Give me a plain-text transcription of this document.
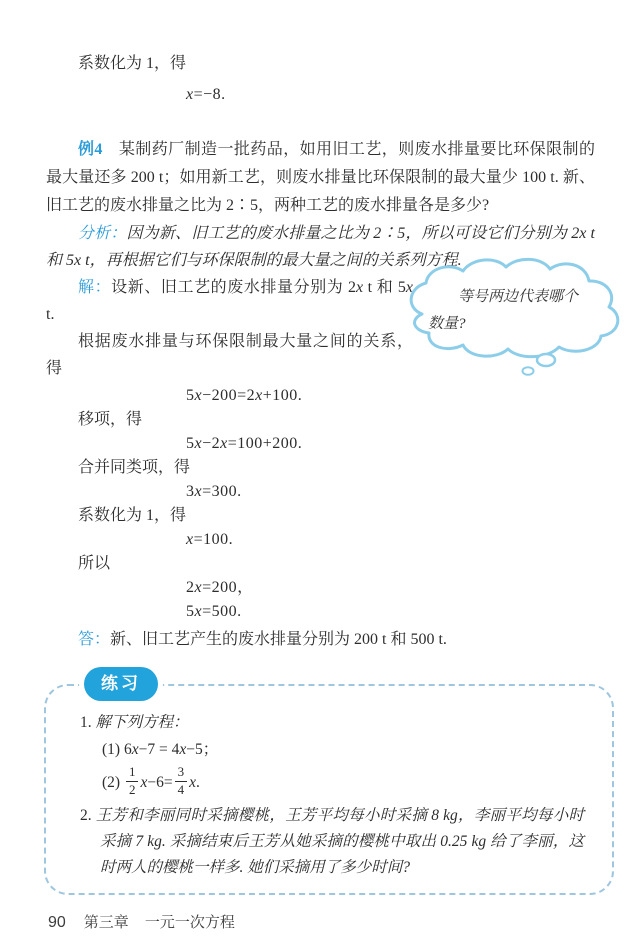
系数化为 1，得

x=−8.

例4  某制药厂制造一批药品，如用旧工艺，则废水排量要比环保限制的最大量还多 200 t；如用新工艺，则废水排量比环保限制的最大量少 100 t. 新、旧工艺的废水排量之比为 2∶5，两种工艺的废水排量各是多少?

分析：因为新、旧工艺的废水排量之比为 2∶5，所以可设它们分别为 2x t 和 5x t，再根据它们与环保限制的最大量之间的关系列方程.

解：设新、旧工艺的废水排量分别为 2x t 和 5x t.

根据废水排量与环保限制最大量之间的关系，得

5x−200=2x+100.

移项，得

5x−2x=100+200.

合并同类项，得

3x=300.

系数化为 1，得

x=100.

所以

2x=200，

5x=500.

答：新、旧工艺产生的废水排量分别为 200 t 和 500 t.

练习
1.  解下列方程：
(1)  6x−7 = 4x−5；
(2)  $\frac{1}{2} x-6= \frac{3}{4} x$.
2.  王芳和李丽同时采摘樱桃，王芳平均每小时采摘 8 kg，李丽平均每小时采摘 7 kg. 采摘结束后王芳从她采摘的樱桃中取出 0.25 kg 给了李丽，这时两人的樱桃一样多. 她们采摘用了多少时间?
90 第三章 一元一次方程
等号两边代表哪个数量?
